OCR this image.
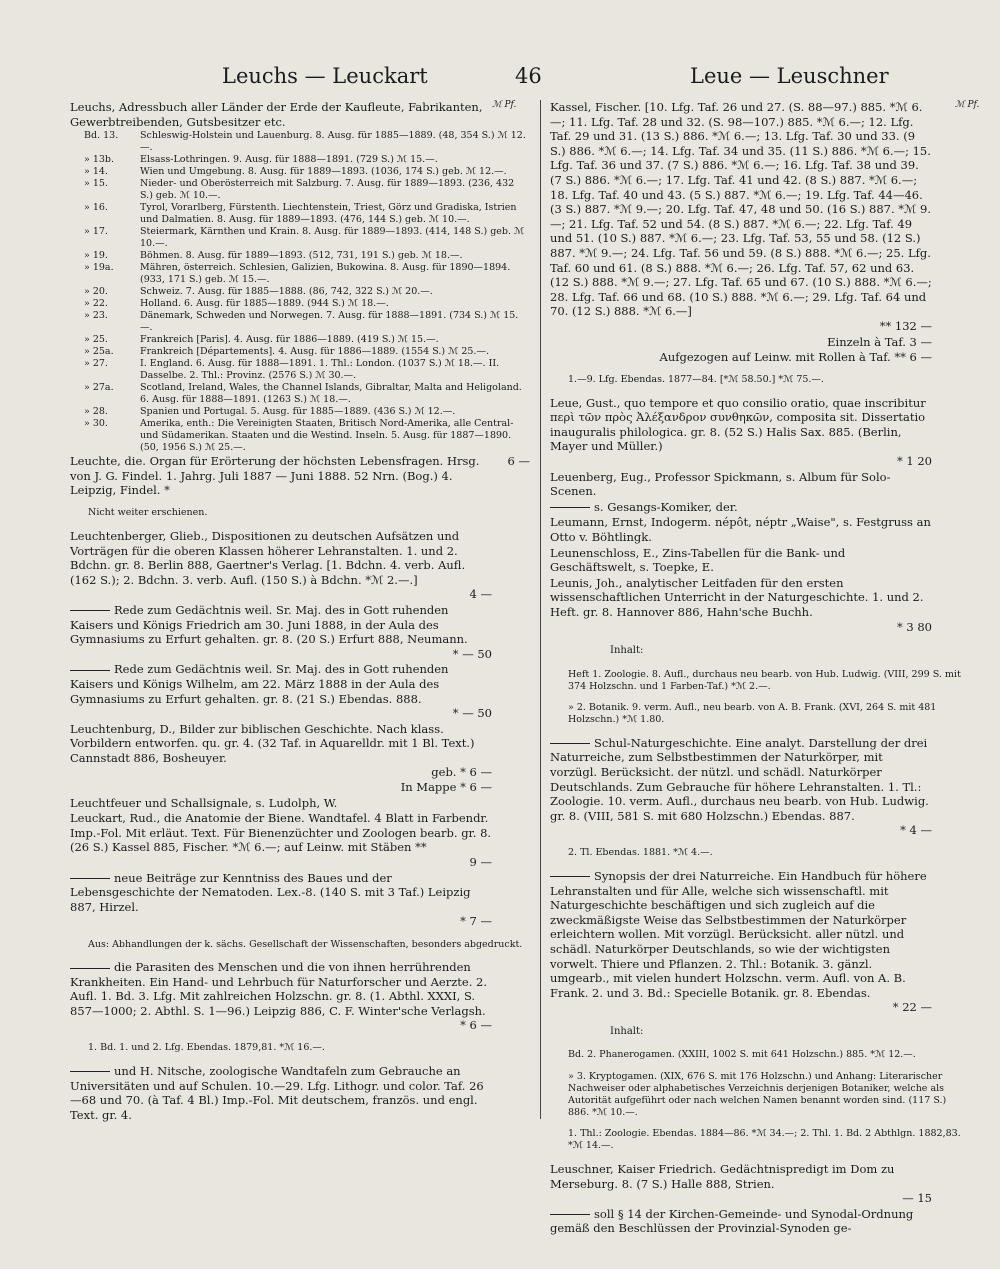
Leuchs — Leuckart	46	Leue — Leuschner
ℳ Pf.	ℳ Pf.

Leuchs, Adressbuch aller Länder der Erde der Kaufleute, Fabrikanten, Gewerbtreibenden, Gutsbesitzer etc.

Bd. 13.	Schleswig-Holstein und Lauenburg. 8. Ausg. für 1885—1889. (48, 354 S.) ℳ 12.—.
» 13b.	Elsass-Lothringen. 9. Ausg. für 1888—1891. (729 S.) ℳ 15.—.
» 14.	Wien und Umgebung. 8. Ausg. für 1889—1893. (1036, 174 S.) geb. ℳ 12.—.
» 15.	Nieder- und Oberösterreich mit Salzburg. 7. Ausg. für 1889—1893. (236, 432 S.) geb. ℳ 10.—.
» 16.	Tyrol, Vorarlberg, Fürstenth. Liechtenstein, Triest, Görz und Gradiska, Istrien und Dalmatien. 8. Ausg. für 1889—1893. (476, 144 S.) geb. ℳ 10.—.
» 17.	Steiermark, Kärnthen und Krain. 8. Ausg. für 1889—1893. (414, 148 S.) geb. ℳ 10.—.
» 19.	Böhmen. 8. Ausg. für 1889—1893. (512, 731, 191 S.) geb. ℳ 18.—.
» 19a.	Mähren, österreich. Schlesien, Galizien, Bukowina. 8. Ausg. für 1890—1894. (933, 171 S.) geb. ℳ 15.—.
» 20.	Schweiz. 7. Ausg. für 1885—1888. (86, 742, 322 S.) ℳ 20.—.
» 22.	Holland. 6. Ausg. für 1885—1889. (944 S.) ℳ 18.—.
» 23.	Dänemark, Schweden und Norwegen. 7. Ausg. für 1888—1891. (734 S.) ℳ 15.—.
» 25.	Frankreich [Paris]. 4. Ausg. für 1886—1889. (419 S.) ℳ 15.—.
» 25a.	Frankreich [Départements]. 4. Ausg. für 1886—1889. (1554 S.) ℳ 25.—.
» 27.	I. England. 6. Ausg. für 1888—1891. 1. Thl.: London. (1037 S.) ℳ 18.—. II. Dasselbe. 2. Thl.: Provinz. (2576 S.) ℳ 30.—.
» 27a.	Scotland, Ireland, Wales, the Channel Islands, Gibraltar, Malta and Heligoland. 6. Ausg. für 1888—1891. (1263 S.) ℳ 18.—.
» 28.	Spanien und Portugal. 5. Ausg. für 1885—1889. (436 S.) ℳ 12.—.
» 30.	Amerika, enth.: Die Vereinigten Staaten, Britisch Nord-Amerika, alle Central- und Südamerikan. Staaten und die Westind. Inseln. 5. Ausg. für 1887—1890. (50, 1956 S.) ℳ 25.—.

Leuchte, die. Organ für Erörterung der höchsten Lebensfragen. Hrsg. von J. G. Findel. 1. Jahrg. Juli 1887 — Juni 1888. 52 Nrn. (Bog.) 4. Leipzig, Findel. *
6 —

Nicht weiter erschienen.

Leuchtenberger, Glieb., Dispositionen zu deutschen Aufsätzen und Vorträgen für die oberen Klassen höherer Lehranstalten. 1. und 2. Bdchn. gr. 8. Berlin 888, Gaertner's Verlag. [1. Bdchn. 4. verb. Aufl. (162 S.); 2. Bdchn. 3. verb. Aufl. (150 S.) à Bdchn. *ℳ 2.—.]
4 —

Rede zum Gedächtnis weil. Sr. Maj. des in Gott ruhenden Kaisers und Königs Friedrich am 30. Juni 1888, in der Aula des Gymnasiums zu Erfurt gehalten. gr. 8. (20 S.) Erfurt 888, Neumann.
* — 50

Rede zum Gedächtnis weil. Sr. Maj. des in Gott ruhenden Kaisers und Königs Wilhelm, am 22. März 1888 in der Aula des Gymnasiums zu Erfurt gehalten. gr. 8. (21 S.) Ebendas. 888.
* — 50

Leuchtenburg, D., Bilder zur biblischen Geschichte. Nach klass. Vorbildern entworfen. qu. gr. 4. (32 Taf. in Aquarelldr. mit 1 Bl. Text.) Cannstadt 886, Bosheuyer.
geb. * 6 —
In Mappe * 6 —

Leuchtfeuer und Schallsignale, s. Ludolph, W.

Leuckart, Rud., die Anatomie der Biene. Wandtafel. 4 Blatt in Farbendr. Imp.-Fol. Mit erläut. Text. Für Bienenzüchter und Zoologen bearb. gr. 8. (26 S.) Kassel 885, Fischer. *ℳ 6.—; auf Leinw. mit Stäben **
9 —

neue Beiträge zur Kenntniss des Baues und der Lebensgeschichte der Nematoden. Lex.-8. (140 S. mit 3 Taf.) Leipzig 887, Hirzel.
* 7 —

Aus: Abhandlungen der k. sächs. Gesellschaft der Wissenschaften, besonders abgedruckt.

die Parasiten des Menschen und die von ihnen herrührenden Krankheiten. Ein Hand- und Lehrbuch für Naturforscher und Aerzte. 2. Aufl. 1. Bd. 3. Lfg. Mit zahlreichen Holzschn. gr. 8. (1. Abthl. XXXI, S. 857—1000; 2. Abthl. S. 1—96.) Leipzig 886, C. F. Winter'sche Verlagsh.
* 6 —

1. Bd. 1. und 2. Lfg. Ebendas. 1879,81. *ℳ 16.—.

und H. Nitsche, zoologische Wandtafeln zum Gebrauche an Universitäten und auf Schulen. 10.—29. Lfg. Lithogr. und color. Taf. 26—68 und 70. (à Taf. 4 Bl.) Imp.-Fol. Mit deutschem, französ. und engl. Text. gr. 4.

Kassel, Fischer. [10. Lfg. Taf. 26 und 27. (S. 88—97.) 885. *ℳ 6.—; 11. Lfg. Taf. 28 und 32. (S. 98—107.) 885. *ℳ 6.—; 12. Lfg. Taf. 29 und 31. (13 S.) 886. *ℳ 6.—; 13. Lfg. Taf. 30 und 33. (9 S.) 886. *ℳ 6.—; 14. Lfg. Taf. 34 und 35. (11 S.) 886. *ℳ 6.—; 15. Lfg. Taf. 36 und 37. (7 S.) 886. *ℳ 6.—; 16. Lfg. Taf. 38 und 39. (7 S.) 886. *ℳ 6.—; 17. Lfg. Taf. 41 und 42. (8 S.) 887. *ℳ 6.—; 18. Lfg. Taf. 40 und 43. (5 S.) 887. *ℳ 6.—; 19. Lfg. Taf. 44—46. (3 S.) 887. *ℳ 9.—; 20. Lfg. Taf. 47, 48 und 50. (16 S.) 887. *ℳ 9.—; 21. Lfg. Taf. 52 und 54. (8 S.) 887. *ℳ 6.—; 22. Lfg. Taf. 49 und 51. (10 S.) 887. *ℳ 6.—; 23. Lfg. Taf. 53, 55 und 58. (12 S.) 887. *ℳ 9.—; 24. Lfg. Taf. 56 und 59. (8 S.) 888. *ℳ 6.—; 25. Lfg. Taf. 60 und 61. (8 S.) 888. *ℳ 6.—; 26. Lfg. Taf. 57, 62 und 63. (12 S.) 888. *ℳ 9.—; 27. Lfg. Taf. 65 und 67. (10 S.) 888. *ℳ 6.—; 28. Lfg. Taf. 66 und 68. (10 S.) 888. *ℳ 6.—; 29. Lfg. Taf. 64 und 70. (12 S.) 888. *ℳ 6.—]
** 132 —

Einzeln à Taf. 3 —

Aufgezogen auf Leinw. mit Rollen à Taf. ** 6 —

1.—9. Lfg. Ebendas. 1877—84. [*ℳ 58.50.] *ℳ 75.—.

Leue, Gust., quo tempore et quo consilio oratio, quae inscribitur περὶ τῶν πρὸς Ἀλέξανδρον συνθηκῶν, composita sit. Dissertatio inauguralis philologica. gr. 8. (52 S.) Halis Sax. 885. (Berlin, Mayer und Müller.)
* 1 20

Leuenberg, Eug., Professor Spickmann, s. Album für Solo-Scenen.

s. Gesangs-Komiker, der.

Leumann, Ernst, Indogerm. népôt, néptr „Waise", s. Festgruss an Otto v. Böhtlingk.

Leunenschloss, E., Zins-Tabellen für die Bank- und Geschäftswelt, s. Toepke, E.

Leunis, Joh., analytischer Leitfaden für den ersten wissenschaftlichen Unterricht in der Naturgeschichte. 1. und 2. Heft. gr. 8. Hannover 886, Hahn'sche Buchh.
* 3 80

Inhalt:

Heft 1. Zoologie. 8. Aufl., durchaus neu bearb. von Hub. Ludwig. (VIII, 299 S. mit 374 Holzschn. und 1 Farben-Taf.) *ℳ 2.—.

» 2. Botanik. 9. verm. Aufl., neu bearb. von A. B. Frank. (XVI, 264 S. mit 481 Holzschn.) *ℳ 1.80.

Schul-Naturgeschichte. Eine analyt. Darstellung der drei Naturreiche, zum Selbstbestimmen der Naturkörper, mit vorzügl. Berücksicht. der nützl. und schädl. Naturkörper Deutschlands. Zum Gebrauche für höhere Lehranstalten. 1. Tl.: Zoologie. 10. verm. Aufl., durchaus neu bearb. von Hub. Ludwig. gr. 8. (VIII, 581 S. mit 680 Holzschn.) Ebendas. 887.
* 4 —

2. Tl. Ebendas. 1881. *ℳ 4.—.

Synopsis der drei Naturreiche. Ein Handbuch für höhere Lehranstalten und für Alle, welche sich wissenschaftl. mit Naturgeschichte beschäftigen und sich zugleich auf die zweckmäßigste Weise das Selbstbestimmen der Naturkörper erleichtern wollen. Mit vorzügl. Berücksicht. aller nützl. und schädl. Naturkörper Deutschlands, so wie der wichtigsten vorwelt. Thiere und Pflanzen. 2. Thl.: Botanik. 3. gänzl. umgearb., mit vielen hundert Holzschn. verm. Aufl. von A. B. Frank. 2. und 3. Bd.: Specielle Botanik. gr. 8. Ebendas.
* 22 —

Inhalt:

Bd. 2. Phanerogamen. (XXIII, 1002 S. mit 641 Holzschn.) 885. *ℳ 12.—.

» 3. Kryptogamen. (XIX, 676 S. mit 176 Holzschn.) und Anhang: Literarischer Nachweiser oder alphabetisches Verzeichnis derjenigen Botaniker, welche als Autorität aufgeführt oder nach welchen Namen benannt worden sind. (117 S.) 886. *ℳ 10.—.

1. Thl.: Zoologie. Ebendas. 1884—86. *ℳ 34.—; 2. Thl. 1. Bd. 2 Abthlgn. 1882,83. *ℳ 14.—.

Leuschner, Kaiser Friedrich. Gedächtnispredigt im Dom zu Merseburg. 8. (7 S.) Halle 888, Strien.
— 15

soll § 14 der Kirchen-Gemeinde- und Synodal-Ordnung gemäß den Beschlüssen der Provinzial-Synoden ge-
